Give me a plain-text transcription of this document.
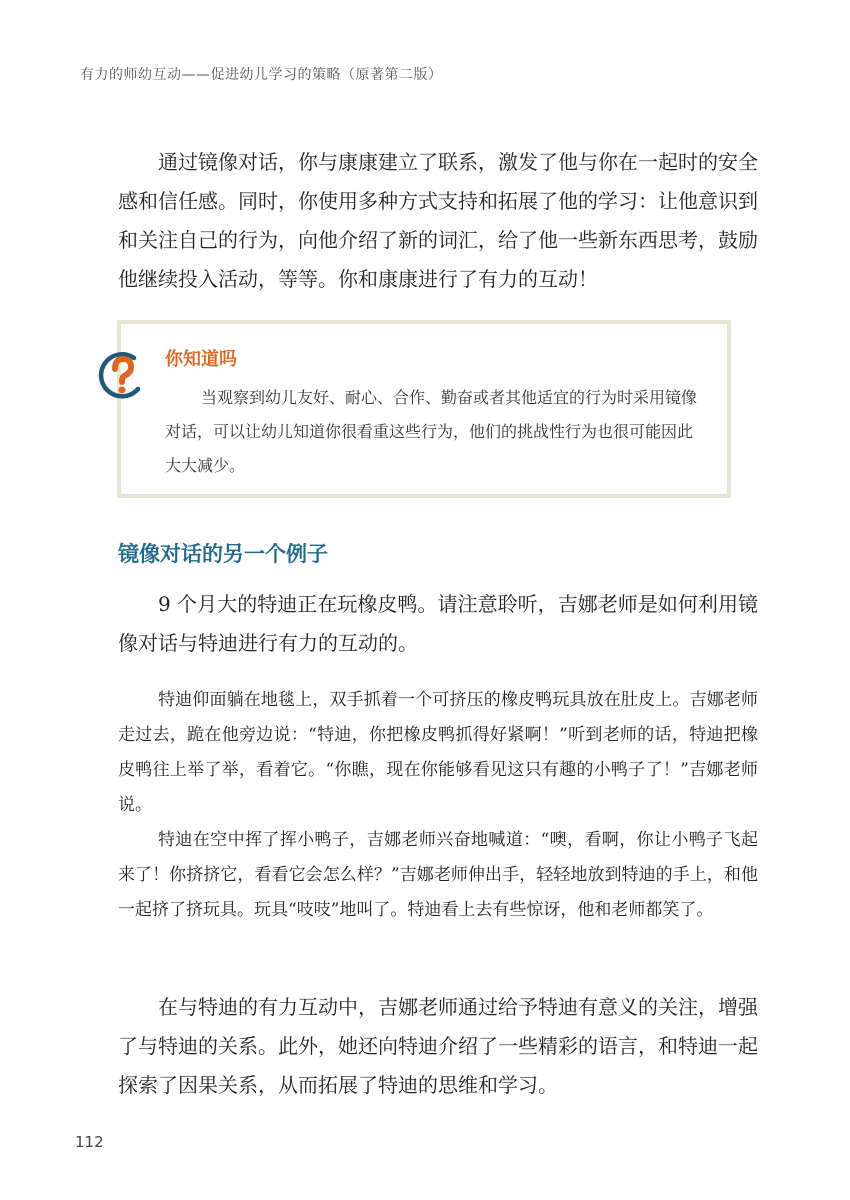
有力的师幼互动——促进幼儿学习的策略（原著第二版）

通过镜像对话，你与康康建立了联系，激发了他与你在一起时的安全感和信任感。同时，你使用多种方式支持和拓展了他的学习：让他意识到和关注自己的行为，向他介绍了新的词汇，给了他一些新东西思考，鼓励他继续投入活动，等等。你和康康进行了有力的互动！

你知道吗

当观察到幼儿友好、耐心、合作、勤奋或者其他适宜的行为时采用镜像对话，可以让幼儿知道你很看重这些行为，他们的挑战性行为也很可能因此大大减少。

镜像对话的另一个例子

9 个月大的特迪正在玩橡皮鸭。请注意聆听，吉娜老师是如何利用镜像对话与特迪进行有力的互动的。

特迪仰面躺在地毯上，双手抓着一个可挤压的橡皮鸭玩具放在肚皮上。吉娜老师走过去，跪在他旁边说：“特迪，你把橡皮鸭抓得好紧啊！”听到老师的话，特迪把橡皮鸭往上举了举，看着它。“你瞧，现在你能够看见这只有趣的小鸭子了！”吉娜老师说。

特迪在空中挥了挥小鸭子，吉娜老师兴奋地喊道：“噢，看啊，你让小鸭子飞起来了！你挤挤它，看看它会怎么样？”吉娜老师伸出手，轻轻地放到特迪的手上，和他一起挤了挤玩具。玩具“吱吱”地叫了。特迪看上去有些惊讶，他和老师都笑了。

在与特迪的有力互动中，吉娜老师通过给予特迪有意义的关注，增强了与特迪的关系。此外，她还向特迪介绍了一些精彩的语言，和特迪一起探索了因果关系，从而拓展了特迪的思维和学习。

112
